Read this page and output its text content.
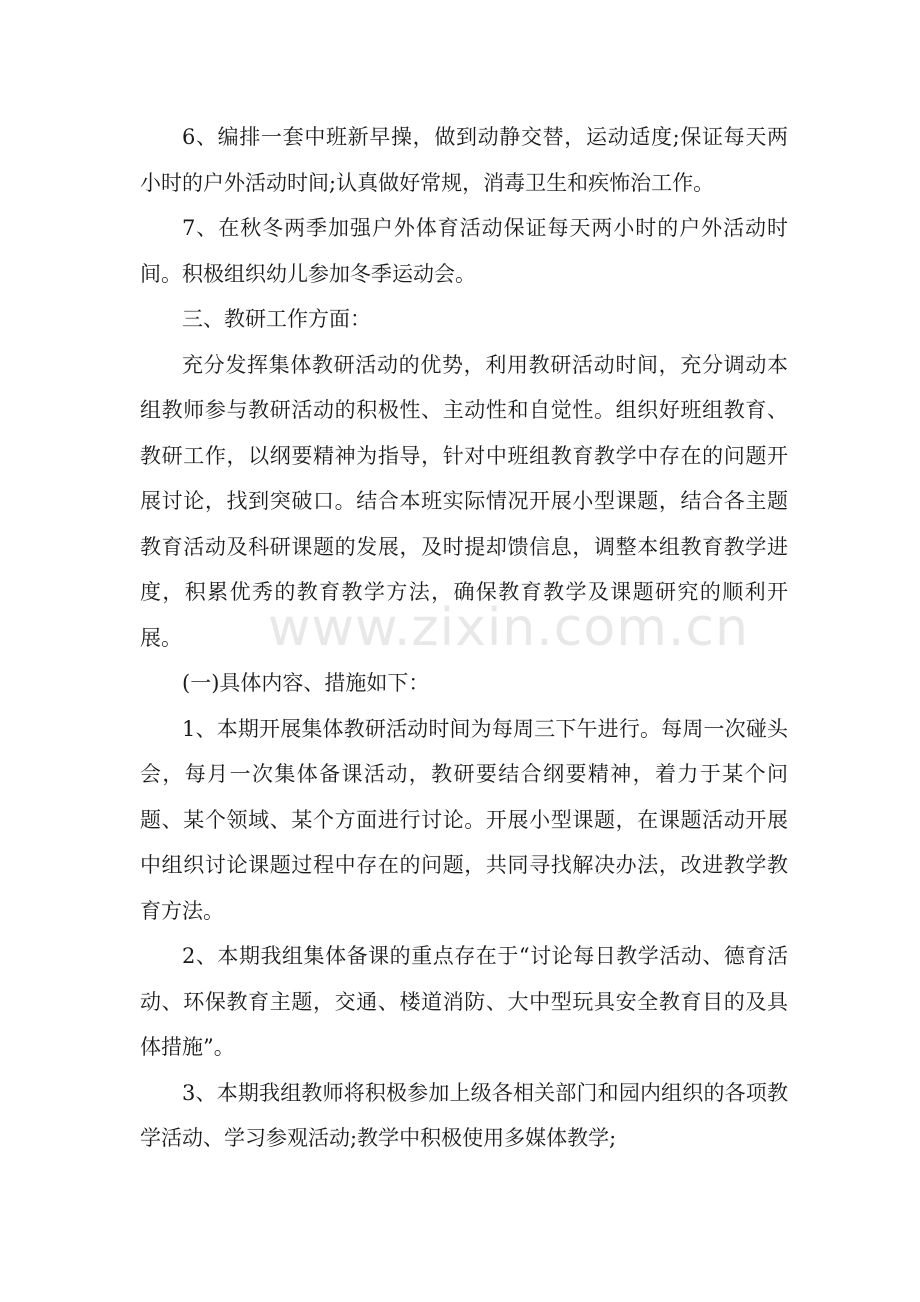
6、编排一套中班新早操，做到动静交替，运动适度;保证每天两小时的户外活动时间;认真做好常规，消毒卫生和疾怖治工作。

7、在秋冬两季加强户外体育活动保证每天两小时的户外活动时间。积极组织幼儿参加冬季运动会。

三、教研工作方面：

充分发挥集体教研活动的优势，利用教研活动时间，充分调动本组教师参与教研活动的积极性、主动性和自觉性。组织好班组教育、教研工作，以纲要精神为指导，针对中班组教育教学中存在的问题开展讨论，找到突破口。结合本班实际情况开展小型课题，结合各主题教育活动及科研课题的发展，及时提却馈信息，调整本组教育教学进度，积累优秀的教育教学方法，确保教育教学及课题研究的顺利开展。

(一)具体内容、措施如下：

1、本期开展集体教研活动时间为每周三下午进行。每周一次碰头会，每月一次集体备课活动，教研要结合纲要精神，着力于某个问题、某个领域、某个方面进行讨论。开展小型课题，在课题活动开展中组织讨论课题过程中存在的问题，共同寻找解决办法，改进教学教育方法。

2、本期我组集体备课的重点存在于“讨论每日教学活动、德育活动、环保教育主题，交通、楼道消防、大中型玩具安全教育目的及具体措施”。

3、本期我组教师将积极参加上级各相关部门和园内组织的各项教学活动、学习参观活动;教学中积极使用多媒体教学;

www.zixin.com.cn
